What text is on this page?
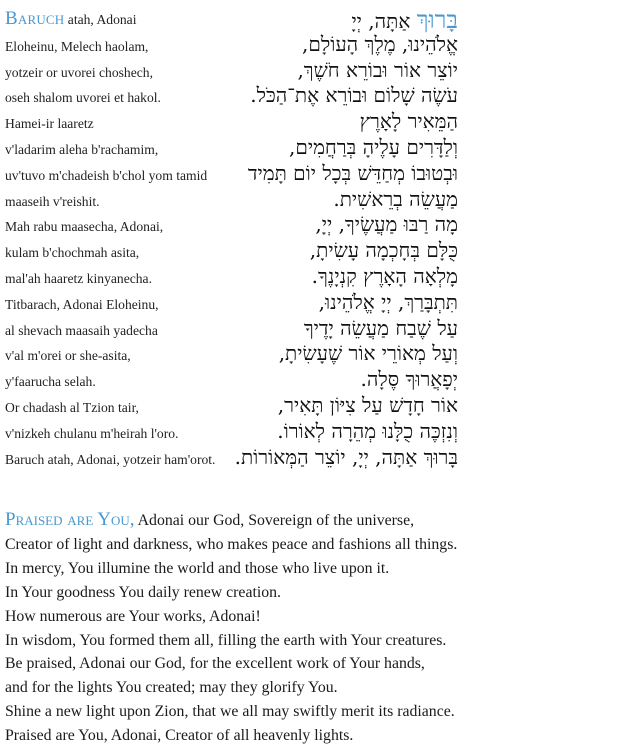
Baruch atah, Adonai	בָּרוּךְ אַתָּה, יְיָ
Eloheinu, Melech haolam,	אֱלֹהֵינוּ, מֶלֶךְ הָעוֹלָם,
yotzeir or uvorei choshech,	יוֹצֵר אוֹר וּבוֹרֵא חֹשֶׁךְ,
oseh shalom uvorei et hakol.	עֹשֶׂה שָׁלוֹם וּבוֹרֵא אֶת־הַכֹּל.
Hamei-ir laaretz	הַמֵּאִיר לָאָרֶץ
v'ladarim aleha b'rachamim,	וְלַדָּרִים עָלֶיהָ בְּרַחֲמִים,
uv'tuvo m'chadeish b'chol yom tamid וּבְטוּבוֹ מְחַדֵּשׁ בְּכָל יוֹם תָּמִיד
maaseih v'reishit.	מַעֲשֵׂה בְרֵאשִׁית.
Mah rabu maasecha, Adonai,	מָה רַבּוּ מַעֲשֶׂיךָ, יְיָ,
kulam b'chochmah asita,	כֻּלָּם בְּחָכְמָה עָשִׂיתָ,
mal'ah haaretz kinyanecha.	מָלְאָה הָאָרֶץ קִנְיָנֶךָ.
Titbarach, Adonai Eloheinu,	תִּתְבָּרַךְ, יְיָ אֱלֹהֵינוּ,
al shevach maasaih yadecha	עַל שֶׁבַח מַעֲשֵׂה יָדֶיךָ
v'al m'orei or she-asita,	וְעַל מְאוֹרֵי אוֹר שֶׁעָשִׂיתָ,
y'faarucha selah.	יְפָאֲרוּךָ סֶּלָה.
Or chadash al Tzion tair,	אוֹר חָדָשׁ עַל צִיּוֹן תָּאִיר,
v'nizkeh chulanu m'heirah l'oro.	וְנִזְכֶּה כֻלָּנוּ מְהֵרָה לְאוֹרוֹ.
Baruch atah, Adonai, yotzeir ham'orot. בָּרוּךְ אַתָּה, יְיָ, יוֹצֵר הַמְּאוֹרוֹת.
Praised are You, Adonai our God, Sovereign of the universe,
Creator of light and darkness, who makes peace and fashions all things.
In mercy, You illumine the world and those who live upon it.
In Your goodness You daily renew creation.
How numerous are Your works, Adonai!
In wisdom, You formed them all, filling the earth with Your creatures.
Be praised, Adonai our God, for the excellent work of Your hands,
and for the lights You created; may they glorify You.
Shine a new light upon Zion, that we all may swiftly merit its radiance.
Praised are You, Adonai, Creator of all heavenly lights.
